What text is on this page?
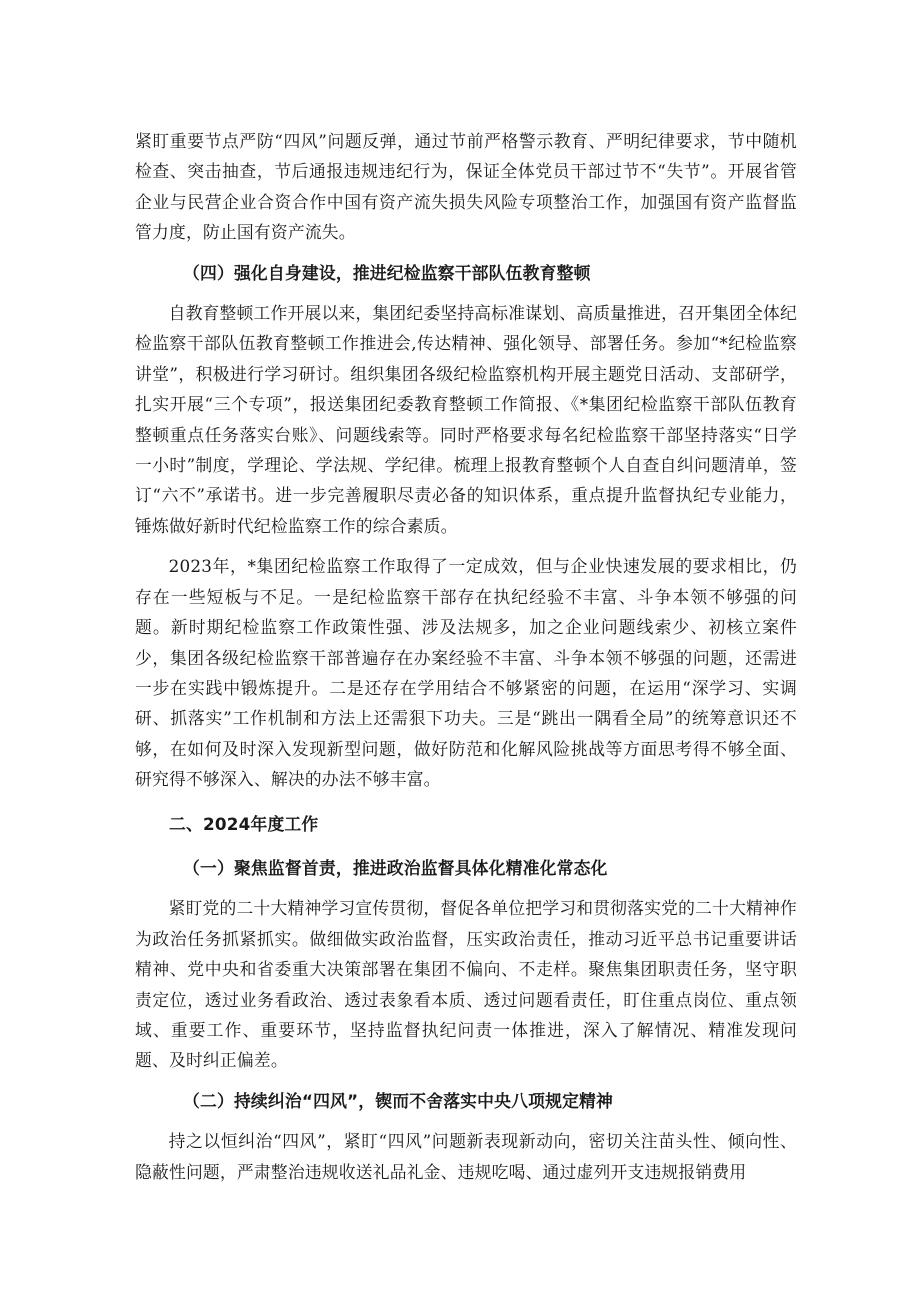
紧盯重要节点严防“四风”问题反弹，通过节前严格警示教育、严明纪律要求，节中随机检查、突击抽查，节后通报违规违纪行为，保证全体党员干部过节不“失节”。开展省管企业与民营企业合资合作中国有资产流失损失风险专项整治工作，加强国有资产监督监管力度，防止国有资产流失。

（四）强化自身建设，推进纪检监察干部队伍教育整顿

自教育整顿工作开展以来，集团纪委坚持高标准谋划、高质量推进，召开集团全体纪检监察干部队伍教育整顿工作推进会,传达精神、强化领导、部署任务。参加“*纪检监察讲堂”，积极进行学习研讨。组织集团各级纪检监察机构开展主题党日活动、支部研学，扎实开展“三个专项”，报送集团纪委教育整顿工作简报、《*集团纪检监察干部队伍教育整顿重点任务落实台账》、问题线索等。同时严格要求每名纪检监察干部坚持落实“日学一小时”制度，学理论、学法规、学纪律。梳理上报教育整顿个人自查自纠问题清单，签订“六不”承诺书。进一步完善履职尽责必备的知识体系，重点提升监督执纪专业能力，锤炼做好新时代纪检监察工作的综合素质。

2023年，*集团纪检监察工作取得了一定成效，但与企业快速发展的要求相比，仍存在一些短板与不足。一是纪检监察干部存在执纪经验不丰富、斗争本领不够强的问题。新时期纪检监察工作政策性强、涉及法规多，加之企业问题线索少、初核立案件少，集团各级纪检监察干部普遍存在办案经验不丰富、斗争本领不够强的问题，还需进一步在实践中锻炼提升。二是还存在学用结合不够紧密的问题，在运用“深学习、实调研、抓落实”工作机制和方法上还需狠下功夫。三是“跳出一隅看全局”的统筹意识还不够，在如何及时深入发现新型问题，做好防范和化解风险挑战等方面思考得不够全面、研究得不够深入、解决的办法不够丰富。

二、2024年度工作

（一）聚焦监督首责，推进政治监督具体化精准化常态化

紧盯党的二十大精神学习宣传贯彻，督促各单位把学习和贯彻落实党的二十大精神作为政治任务抓紧抓实。做细做实政治监督，压实政治责任，推动习近平总书记重要讲话精神、党中央和省委重大决策部署在集团不偏向、不走样。聚焦集团职责任务，坚守职责定位，透过业务看政治、透过表象看本质、透过问题看责任，盯住重点岗位、重点领域、重要工作、重要环节，坚持监督执纪问责一体推进，深入了解情况、精准发现问题、及时纠正偏差。

（二）持续纠治“四风”，锲而不舍落实中央八项规定精神

持之以恒纠治“四风”，紧盯“四风”问题新表现新动向，密切关注苗头性、倾向性、隐蔽性问题，严肃整治违规收送礼品礼金、违规吃喝、通过虚列开支违规报销费用
